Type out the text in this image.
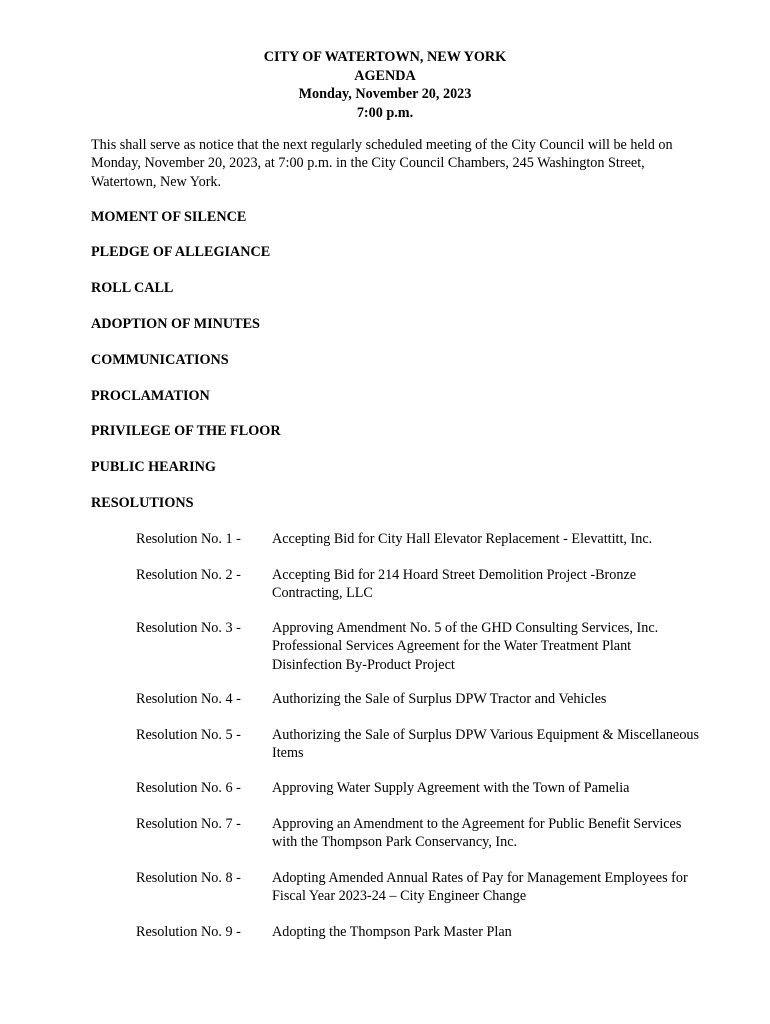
CITY OF WATERTOWN, NEW YORK
AGENDA
Monday, November 20, 2023
7:00 p.m.
This shall serve as notice that the next regularly scheduled meeting of the City Council will be held on Monday, November 20, 2023, at 7:00 p.m. in the City Council Chambers, 245 Washington Street, Watertown, New York.
MOMENT OF SILENCE
PLEDGE OF ALLEGIANCE
ROLL CALL
ADOPTION OF MINUTES
COMMUNICATIONS
PROCLAMATION
PRIVILEGE OF THE FLOOR
PUBLIC HEARING
RESOLUTIONS
Resolution No. 1 - Accepting Bid for City Hall Elevator Replacement - Elevattitt, Inc.
Resolution No. 2 - Accepting Bid for 214 Hoard Street Demolition Project -Bronze Contracting, LLC
Resolution No. 3 - Approving Amendment No. 5 of the GHD Consulting Services, Inc. Professional Services Agreement for the Water Treatment Plant Disinfection By-Product Project
Resolution No. 4 - Authorizing the Sale of Surplus DPW Tractor and Vehicles
Resolution No. 5 - Authorizing the Sale of Surplus DPW Various Equipment & Miscellaneous Items
Resolution No. 6 - Approving Water Supply Agreement with the Town of Pamelia
Resolution No. 7 - Approving an Amendment to the Agreement for Public Benefit Services with the Thompson Park Conservancy, Inc.
Resolution No. 8 - Adopting Amended Annual Rates of Pay for Management Employees for Fiscal Year 2023-24 – City Engineer Change
Resolution No. 9 - Adopting the Thompson Park Master Plan
